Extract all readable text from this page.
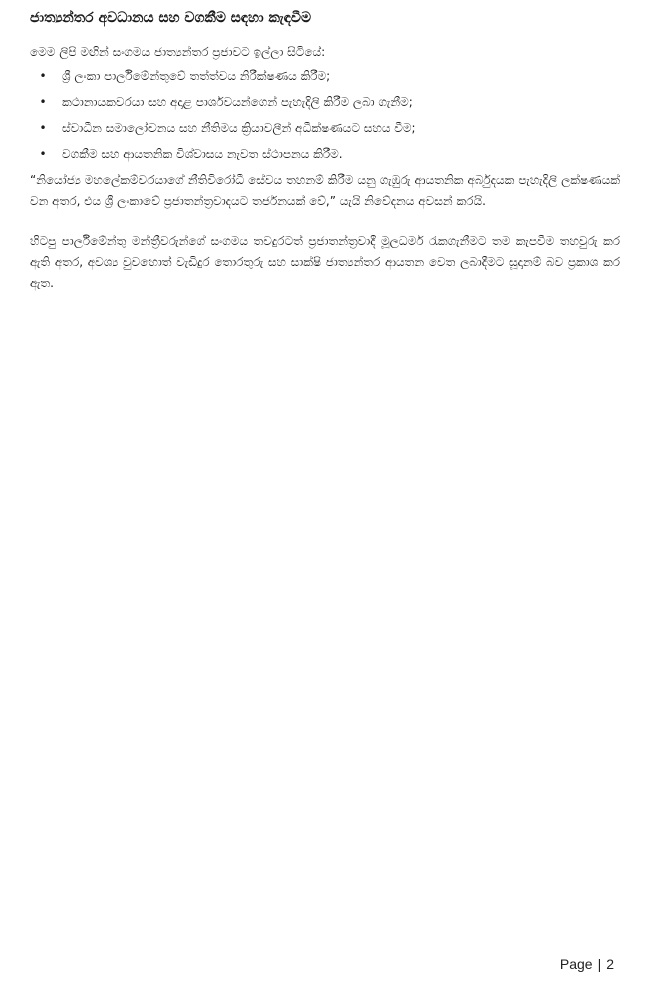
ජාත්‍යන්තර අවධානය සහ වගකීම සඳහා කැඳවීම

මෙම ලිපි මඟින් සංගමය ජාත්‍යන්තර ප්‍රජාවට ඉල්ලා සිටියේ:

• ශ්‍රී ලංකා පාර්ලිමේන්තුවේ තත්ත්වය නිරීක්ෂණය කිරීම;
• කථානායකවරයා සහ අදාළ පාර්ශවයන්ගෙන් පැහැදිලි කිරීම ලබා ගැනීම;
• ස්වාධීන සමාලෝචනය සහ නීතිමය ක්‍රියාවලීන් අධීක්ෂණයට සහය වීම;
• වගකීම සහ ආයතනික විශ්වාසය නැවත ස්ථාපනය කිරීම.

“නියෝජ්‍ය මහලේකම්වරයාගේ නීතිවිරෝධී සේවය තහනම් කිරීම යනු ගැඹුරු ආයතනික අර්බුදයක පැහැදිලි ලක්ෂණයක් වන අතර, එය ශ්‍රී ලංකාවේ ප්‍රජාතන්ත්‍රවාදයට තර්ජනයක් වේ,” යැයි නිවේදනය අවසන් කරයි.

හිටපු පාර්ලිමේන්තු මන්ත්‍රීවරුන්ගේ සංගමය තවදුරටත් ප්‍රජාතන්ත්‍රවාදී මූලධර්ම රැකගැනීමට තම කැපවීම තහවුරු කර ඇති අතර, අවශ්‍ය වුවහොත් වැඩිදුර තොරතුරු සහ සාක්ෂි ජාත්‍යන්තර ආයතන වෙත ලබාදීමට සූදානම් බව ප්‍රකාශ කර ඇත.

Page | 2
